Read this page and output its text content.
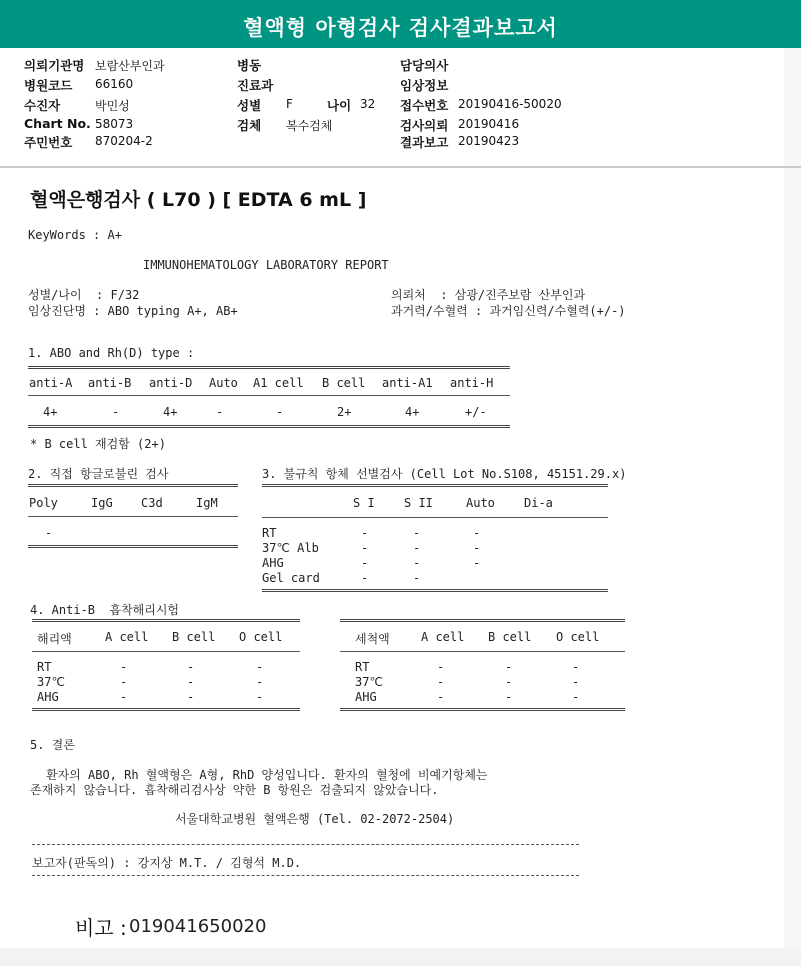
혈액형 아형검사 검사결과보고서
의뢰기관명 보람산부인과
병원코드 66160
수진자	박민성
Chart No. 58073
주민번호 870204-2
병동
진료과
성별 F	나이 32
검체 복수검체
담당의사
임상정보
접수번호 20190416-50020
검사의뢰 20190416
결과보고 20190423
혈액은행검사 ( L70 ) [ EDTA 6 mL ]
KeyWords : A+
IMMUNOHEMATOLOGY LABORATORY REPORT
성별/나이  : F/32
임상진단명 : ABO typing A+, AB+
의뢰처  : 삼광/진주보람 산부인과
과거력/수혈력 : 과거임신력/수혈력(+/-)
1. ABO and Rh(D) type :
anti-A anti-B anti-D Auto A1 cell B cell anti-A1 anti-H
4+	-	4+	-	-	2+	4+	+/-
* B cell 재검함 (2+)
2. 직접 항글로불린 검사
Poly	IgG C3d	IgM
-
3. 불규칙 항체 선별검사 (Cell Lot No.S108, 45151.29.x)
S I S II	Auto Di-a
RT	-	-	-
37℃ Alb	-	-	-
AHG	-	-	-
Gel card	-	-
4. Anti-B  흡착해리시험
해리액	A cell B cell O cell	세척액	A cell B cell O cell
RT	-	-	-	RT	-	-	-
37℃	-	-	-	37℃	-	-	-
AHG	-	-	-	AHG	-	-	-
5. 결론
환자의 ABO, Rh 혈액형은 A형, RhD 양성입니다. 환자의 혈청에 비예기항체는
존재하지 않습니다. 흡착해리검사상 약한 B 항원은 검출되지 않았습니다.
서울대학교병원 혈액은행 (Tel. 02-2072-2504)
보고자(판독의) : 강지상 M.T. / 김형석 M.D.
비고 : 019041650020
